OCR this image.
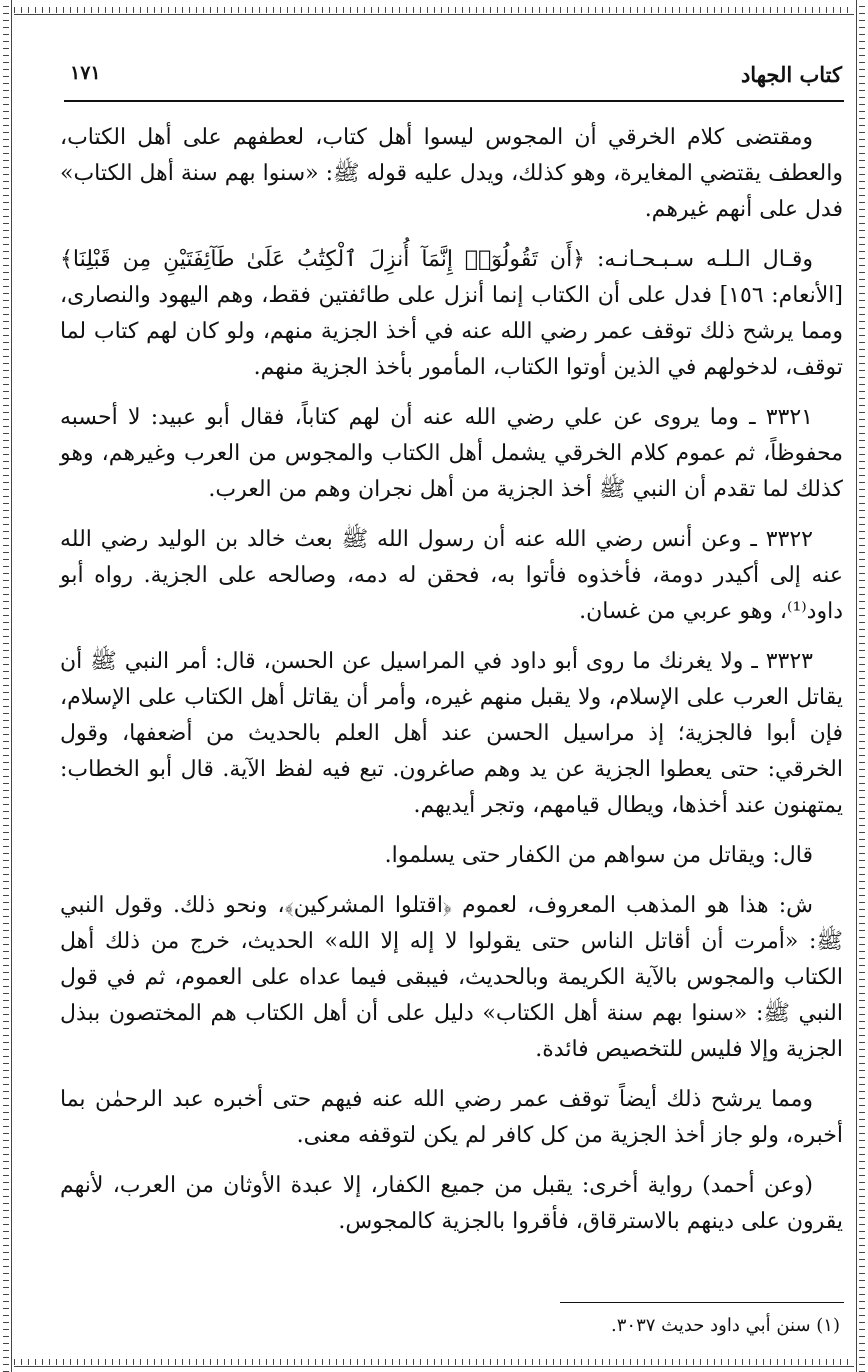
كتاب الجهاد
١٧١

ومقتضى كلام الخرقي أن المجوس ليسوا أهل كتاب، لعطفهم على أهل الكتاب، والعطف يقتضي المغايرة، وهو كذلك، ويدل عليه قوله ﷺ: «سنوا بهم سنة أهل الكتاب» فدل على أنهم غيرهم.

وقـال الـلـه سـبـحـانـه: ﴿أَن تَقُولُوٓا۟ إِنَّمَآ أُنزِلَ ٱلْكِتَٰبُ عَلَىٰ طَآئِفَتَيْنِ مِن قَبْلِنَا﴾ [الأنعام: ١٥٦] فدل على أن الكتاب إنما أنزل على طائفتين فقط، وهم اليهود والنصارى، ومما يرشح ذلك توقف عمر رضي الله عنه في أخذ الجزية منهم، ولو كان لهم كتاب لما توقف، لدخولهم في الذين أوتوا الكتاب، المأمور بأخذ الجزية منهم.

٣٣٢١ ـ وما يروى عن علي رضي الله عنه أن لهم كتاباً، فقال أبو عبيد: لا أحسبه محفوظاً، ثم عموم كلام الخرقي يشمل أهل الكتاب والمجوس من العرب وغيرهم، وهو كذلك لما تقدم أن النبي ﷺ أخذ الجزية من أهل نجران وهم من العرب.

٣٣٢٢ ـ وعن أنس رضي الله عنه أن رسول الله ﷺ بعث خالد بن الوليد رضي الله عنه إلى أكيدر دومة، فأخذوه فأتوا به، فحقن له دمه، وصالحه على الجزية. رواه أبو داود⁽¹⁾، وهو عربي من غسان.

٣٣٢٣ ـ ولا يغرنك ما روى أبو داود في المراسيل عن الحسن، قال: أمر النبي ﷺ أن يقاتل العرب على الإسلام، ولا يقبل منهم غيره، وأمر أن يقاتل أهل الكتاب على الإسلام، فإن أبوا فالجزية؛ إذ مراسيل الحسن عند أهل العلم بالحديث من أضعفها، وقول الخرقي: حتى يعطوا الجزية عن يد وهم صاغرون. تبع فيه لفظ الآية. قال أبو الخطاب: يمتهنون عند أخذها، ويطال قيامهم، وتجر أيديهم.

قال: ويقاتل من سواهم من الكفار حتى يسلموا.

ش: هذا هو المذهب المعروف، لعموم ﴿اقتلوا المشركين﴾، ونحو ذلك. وقول النبي ﷺ: «أمرت أن أقاتل الناس حتى يقولوا لا إله إلا الله» الحديث، خرج من ذلك أهل الكتاب والمجوس بالآية الكريمة وبالحديث، فيبقى فيما عداه على العموم، ثم في قول النبي ﷺ: «سنوا بهم سنة أهل الكتاب» دليل على أن أهل الكتاب هم المختصون ببذل الجزية وإلا فليس للتخصيص فائدة.

ومما يرشح ذلك أيضاً توقف عمر رضي الله عنه فيهم حتى أخبره عبد الرحمٰن بما أخبره، ولو جاز أخذ الجزية من كل كافر لم يكن لتوقفه معنى.

(وعن أحمد) رواية أخرى: يقبل من جميع الكفار، إلا عبدة الأوثان من العرب، لأنهم يقرون على دينهم بالاسترقاق، فأقروا بالجزية كالمجوس.

(١) سنن أبي داود حديث ٣٠٣٧.
